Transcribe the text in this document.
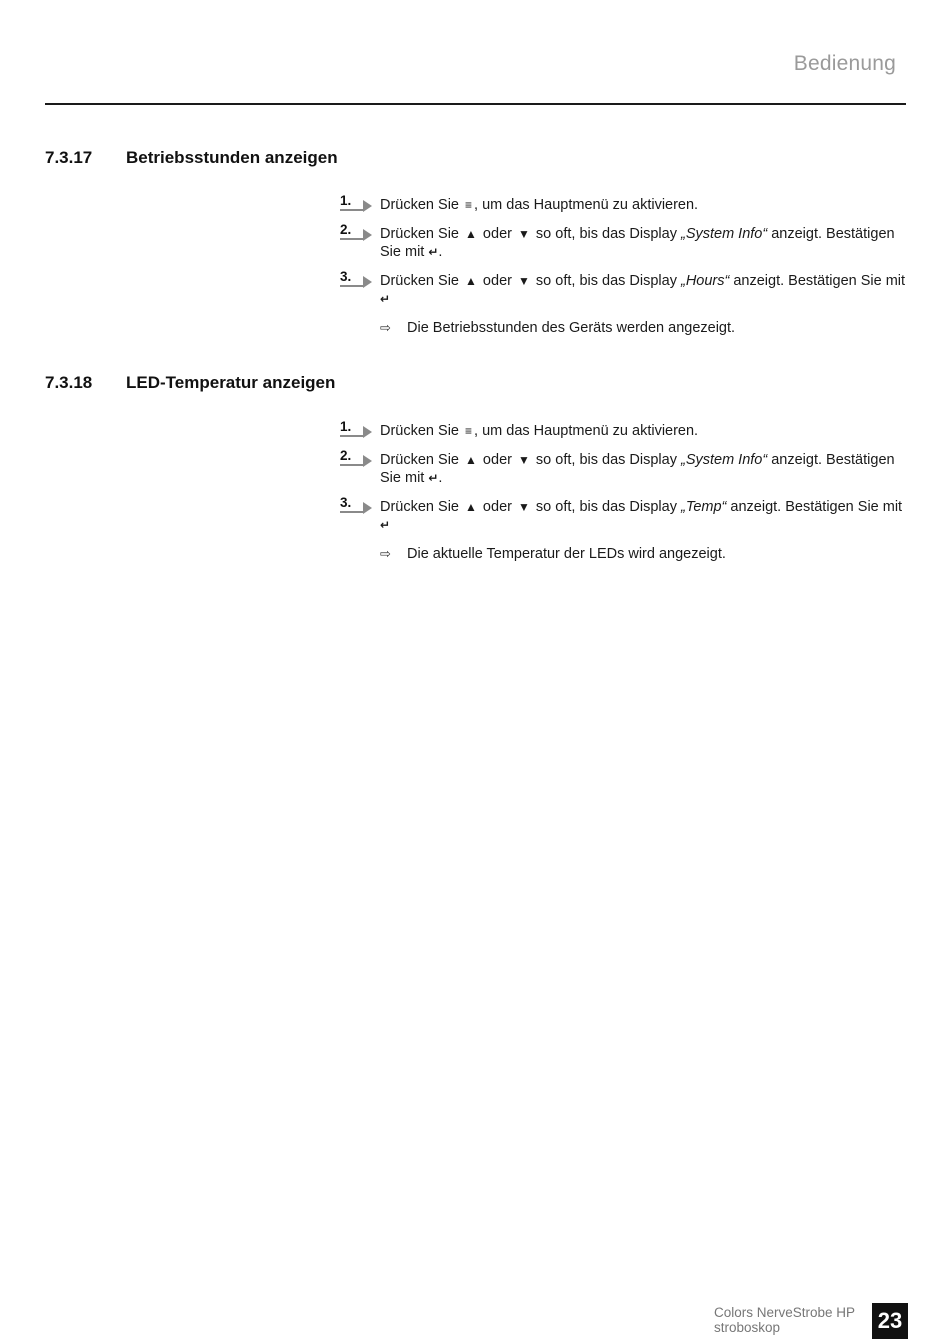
Bedienung
7.3.17 Betriebsstunden anzeigen
1. Drücken Sie ≡ , um das Hauptmenü zu aktivieren.
2. Drücken Sie ▲ oder ▼ so oft, bis das Display „System Info“ anzeigt. Bestätigen Sie mit ↵.
3. Drücken Sie ▲ oder ▼ so oft, bis das Display „Hours“ anzeigt. Bestätigen Sie mit ↵
⇨ Die Betriebsstunden des Geräts werden angezeigt.
7.3.18 LED-Temperatur anzeigen
1. Drücken Sie ≡ , um das Hauptmenü zu aktivieren.
2. Drücken Sie ▲ oder ▼ so oft, bis das Display „System Info“ anzeigt. Bestätigen Sie mit ↵.
3. Drücken Sie ▲ oder ▼ so oft, bis das Display „Temp“ anzeigt. Bestätigen Sie mit
↵
⇨ Die aktuelle Temperatur der LEDs wird angezeigt.
Colors NerveStrobe HP
stroboskop	23
